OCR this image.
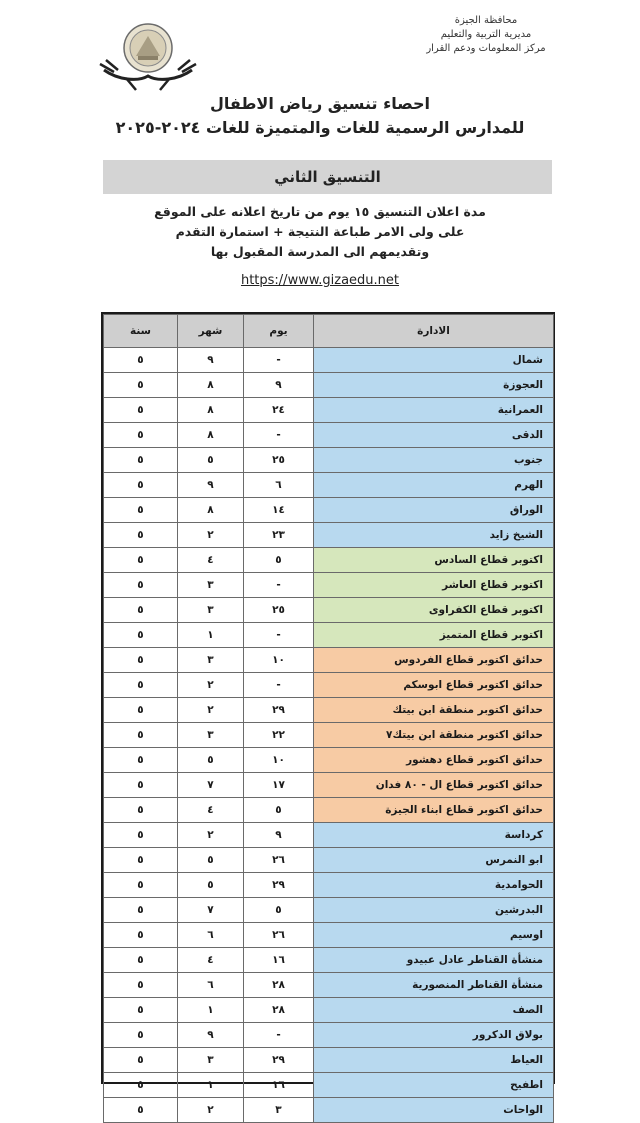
محافظة الجيزة
مديرية التربية والتعليم
مركز المعلومات ودعم القرار
احصاء تنسيق رياض الاطفال
للمدارس الرسمية للغات والمتميزة للغات ٢٠٢٤-٢٠٢٥
التنسيق الثاني
مدة اعلان التنسيق ١٥ يوم من تاريخ اعلانه على الموقع
على ولى الامر طباعة النتيجة + استمارة التقدم
وتقديمهم الى المدرسة المقبول بها
https://www.gizaedu.net
الادارة	يوم	شهر	سنة
شمال	-	٩	٥
العجوزة	٩	٨	٥
العمرانية	٢٤	٨	٥
الدقى	-	٨	٥
جنوب	٢٥	٥	٥
الهرم	٦	٩	٥
الوراق	١٤	٨	٥
الشيخ زايد	٢٣	٢	٥
اكتوبر قطاع السادس	٥	٤	٥
اكتوبر قطاع العاشر	-	٣	٥
اكتوبر قطاع الكفراوى	٢٥	٣	٥
اكتوبر قطاع المتميز	-	١	٥
حدائق اكتوبر قطاع الفردوس	١٠	٣	٥
حدائق اكتوبر قطاع ابوسكم	-	٢	٥
حدائق اكتوبر منطقة ابن بيتك	٢٩	٢	٥
حدائق اكتوبر منطقة ابن بيتك٧	٢٢	٣	٥
حدائق اكتوبر قطاع دهشور	١٠	٥	٥
حدائق اكتوبر قطاع ال - ٨٠ فدان	١٧	٧	٥
حدائق اكتوبر قطاع ابناء الجيزة	٥	٤	٥
كرداسة	٩	٢	٥
ابو النمرس	٢٦	٥	٥
الحوامدية	٢٩	٥	٥
البدرشين	٥	٧	٥
اوسيم	٢٦	٦	٥
منشأة القناطر عادل عبيدو	١٦	٤	٥
منشأة القناطر المنصورية	٢٨	٦	٥
الصف	٢٨	١	٥
بولاق الدكرور	-	٩	٥
العياط	٢٩	٣	٥
اطفيح	١٦	١	٥
الواحات	٣	٢	٥
